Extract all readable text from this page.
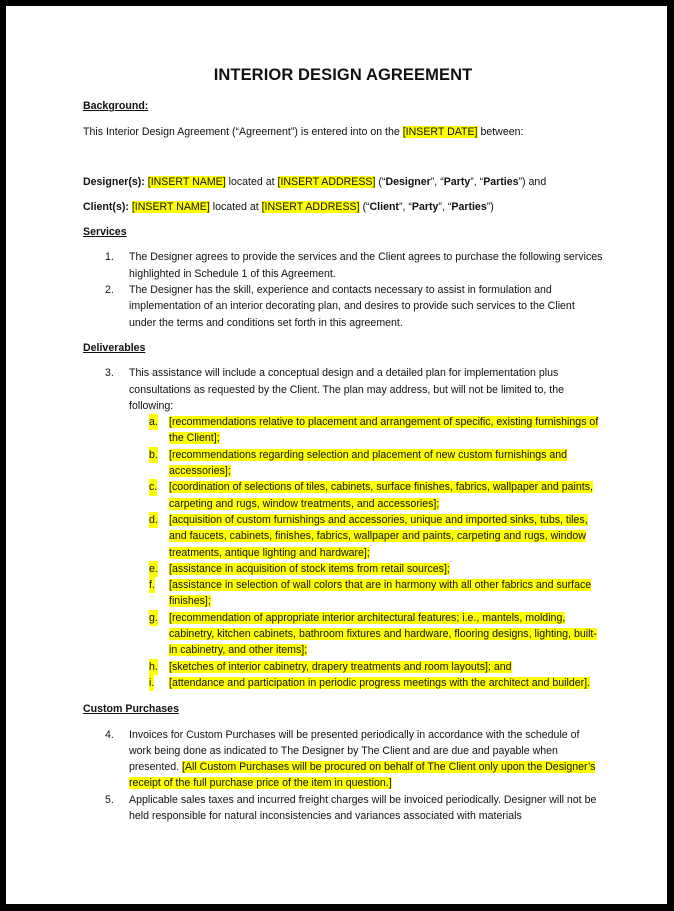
INTERIOR DESIGN AGREEMENT

Background:

This Interior Design Agreement (“Agreement”) is entered into on the [INSERT DATE] between:

Designer(s): [INSERT NAME] located at [INSERT ADDRESS] (“Designer”, “Party”, “Parties”) and

Client(s): [INSERT NAME] located at [INSERT ADDRESS] (“Client”, “Party”, “Parties”)

Services

1. The Designer agrees to provide the services and the Client agrees to purchase the following services highlighted in Schedule 1 of this Agreement.
2. The Designer has the skill, experience and contacts necessary to assist in formulation and implementation of an interior decorating plan, and desires to provide such services to the Client under the terms and conditions set forth in this agreement.

Deliverables

3. This assistance will include a conceptual design and a detailed plan for implementation plus consultations as requested by the Client. The plan may address, but will not be limited to, the following:
a. [recommendations relative to placement and arrangement of specific, existing furnishings of the Client];
b. [recommendations regarding selection and placement of new custom furnishings and accessories];
c. [coordination of selections of tiles, cabinets, surface finishes, fabrics, wallpaper and paints, carpeting and rugs, window treatments, and accessories];
d. [acquisition of custom furnishings and accessories, unique and imported sinks, tubs, tiles, and faucets, cabinets, finishes, fabrics, wallpaper and paints, carpeting and rugs, window treatments, antique lighting and hardware];
e. [assistance in acquisition of stock items from retail sources];
f. [assistance in selection of wall colors that are in harmony with all other fabrics and surface finishes];
g. [recommendation of appropriate interior architectural features; i.e., mantels, molding, cabinetry, kitchen cabinets, bathroom fixtures and hardware, flooring designs, lighting, built-in cabinetry, and other items];
h. [sketches of interior cabinetry, drapery treatments and room layouts]; and
i. [attendance and participation in periodic progress meetings with the architect and builder].

Custom Purchases

4. Invoices for Custom Purchases will be presented periodically in accordance with the schedule of work being done as indicated to The Designer by The Client and are due and payable when presented. [All Custom Purchases will be procured on behalf of The Client only upon the Designer’s receipt of the full purchase price of the item in question.]
5. Applicable sales taxes and incurred freight charges will be invoiced periodically. Designer will not be held responsible for natural inconsistencies and variances associated with materials
